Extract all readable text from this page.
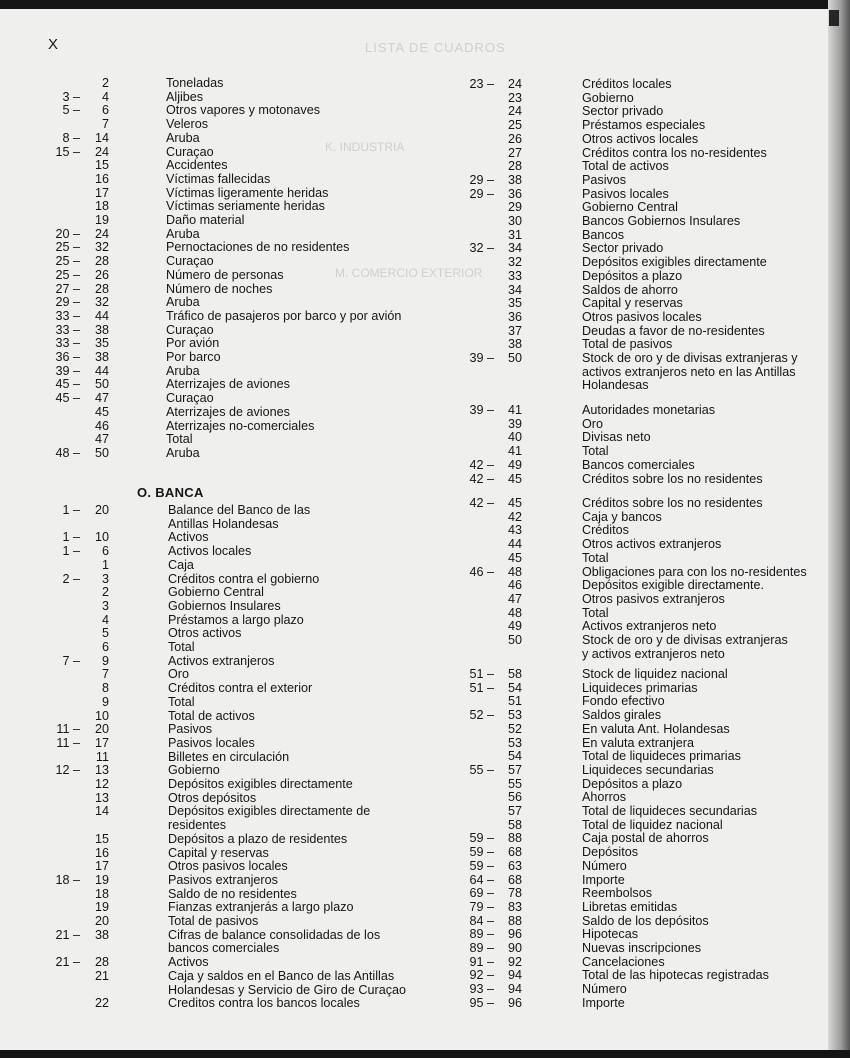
LISTA DE CUADROS
K. INDUSTRIA
M. COMERCIO EXTERIOR
X
2	Toneladas
3 – 4	Aljibes
5 – 6	Otros vapores y motonaves
7	Veleros
8 – 14	Aruba
15 – 24	Curaçao
15	Accidentes
16	Víctimas fallecidas
17	Víctimas ligeramente heridas
18	Víctimas seriamente heridas
19	Daño material
20 – 24	Aruba
25 – 32	Pernoctaciones de no residentes
25 – 28	Curaçao
25 – 26	Número de personas
27 – 28	Número de noches
29 – 32	Aruba
33 – 44	Tráfico de pasajeros por barco y por avión
33 – 38	Curaçao
33 – 35	Por avión
36 – 38	Por barco
39 – 44	Aruba
45 – 50	Aterrizajes de aviones
45 – 47	Curaçao
45	Aterrizajes de aviones
46	Aterrizajes no-comerciales
47	Total
48 – 50	Aruba
O. BANCA
1 – 20	Balance del Banco de las
Antillas Holandesas
1 – 10	Activos
1 – 6	Activos locales
1	Caja
2 – 3	Créditos contra el gobierno
2	Gobierno Central
3	Gobiernos Insulares
4	Préstamos a largo plazo
5	Otros activos
6	Total
7 – 9	Activos extranjeros
7	Oro
8	Créditos contra el exterior
9	Total
10	Total de activos
11 – 20	Pasivos
11 – 17	Pasivos locales
11	Billetes en circulación
12 – 13	Gobierno
12	Depósitos exigibles directamente
13	Otros depósitos
14	Depósitos exigibles directamente de
residentes
15	Depósitos a plazo de residentes
16	Capital y reservas
17	Otros pasivos locales
18 – 19	Pasivos extranjeros
18	Saldo de no residentes
19	Fianzas extranjerás a largo plazo
20	Total de pasivos
21 – 38	Cifras de balance consolidadas de los
bancos comerciales
21 – 28	Activos
21	Caja y saldos en el Banco de las Antillas
Holandesas y Servicio de Giro de Curaçao
22	Creditos contra los bancos locales
23 – 24	Créditos locales
23	Gobierno
24	Sector privado
25	Préstamos especiales
26	Otros activos locales
27	Créditos contra los no-residentes
28	Total de activos
29 – 38	Pasivos
29 – 36	Pasivos locales
29	Gobierno Central
30	Bancos Gobiernos Insulares
31	Bancos
32 – 34	Sector privado
32	Depósitos exigibles directamente
33	Depósitos a plazo
34	Saldos de ahorro
35	Capital y reservas
36	Otros pasivos locales
37	Deudas a favor de no-residentes
38	Total de pasivos
39 – 50	Stock de oro y de divisas extranjeras y
activos extranjeros neto en las Antillas
Holandesas
39 – 41	Autoridades monetarias
39	Oro
40	Divisas neto
41	Total
42 – 49	Bancos comerciales
42 – 45	Créditos sobre los no residentes
42 – 45	Créditos sobre los no residentes
42	Caja y bancos
43	Créditos
44	Otros activos extranjeros
45	Total
46 – 48	Obligaciones para con los no-residentes
46	Depósitos exigible directamente.
47	Otros pasivos extranjeros
48	Total
49	Activos extranjeros neto
50	Stock de oro y de divisas extranjeras
y activos extranjeros neto
51 – 58	Stock de liquidez nacional
51 – 54	Liquideces primarias
51	Fondo efectivo
52 – 53	Saldos girales
52	En valuta Ant. Holandesas
53	En valuta extranjera
54	Total de liquideces primarias
55 – 57	Liquideces secundarias
55	Depósitos a plazo
56	Ahorros
57	Total de liquideces secundarias
58	Total de liquidez nacional
59 – 88	Caja postal de ahorros
59 – 68	Depósitos
59 – 63	Número
64 – 68	Importe
69 – 78	Reembolsos
79 – 83	Libretas emitidas
84 – 88	Saldo de los depósitos
89 – 96	Hipotecas
89 – 90	Nuevas inscripciones
91 – 92	Cancelaciones
92 – 94	Total de las hipotecas registradas
93 – 94	Número
95 – 96	Importe
